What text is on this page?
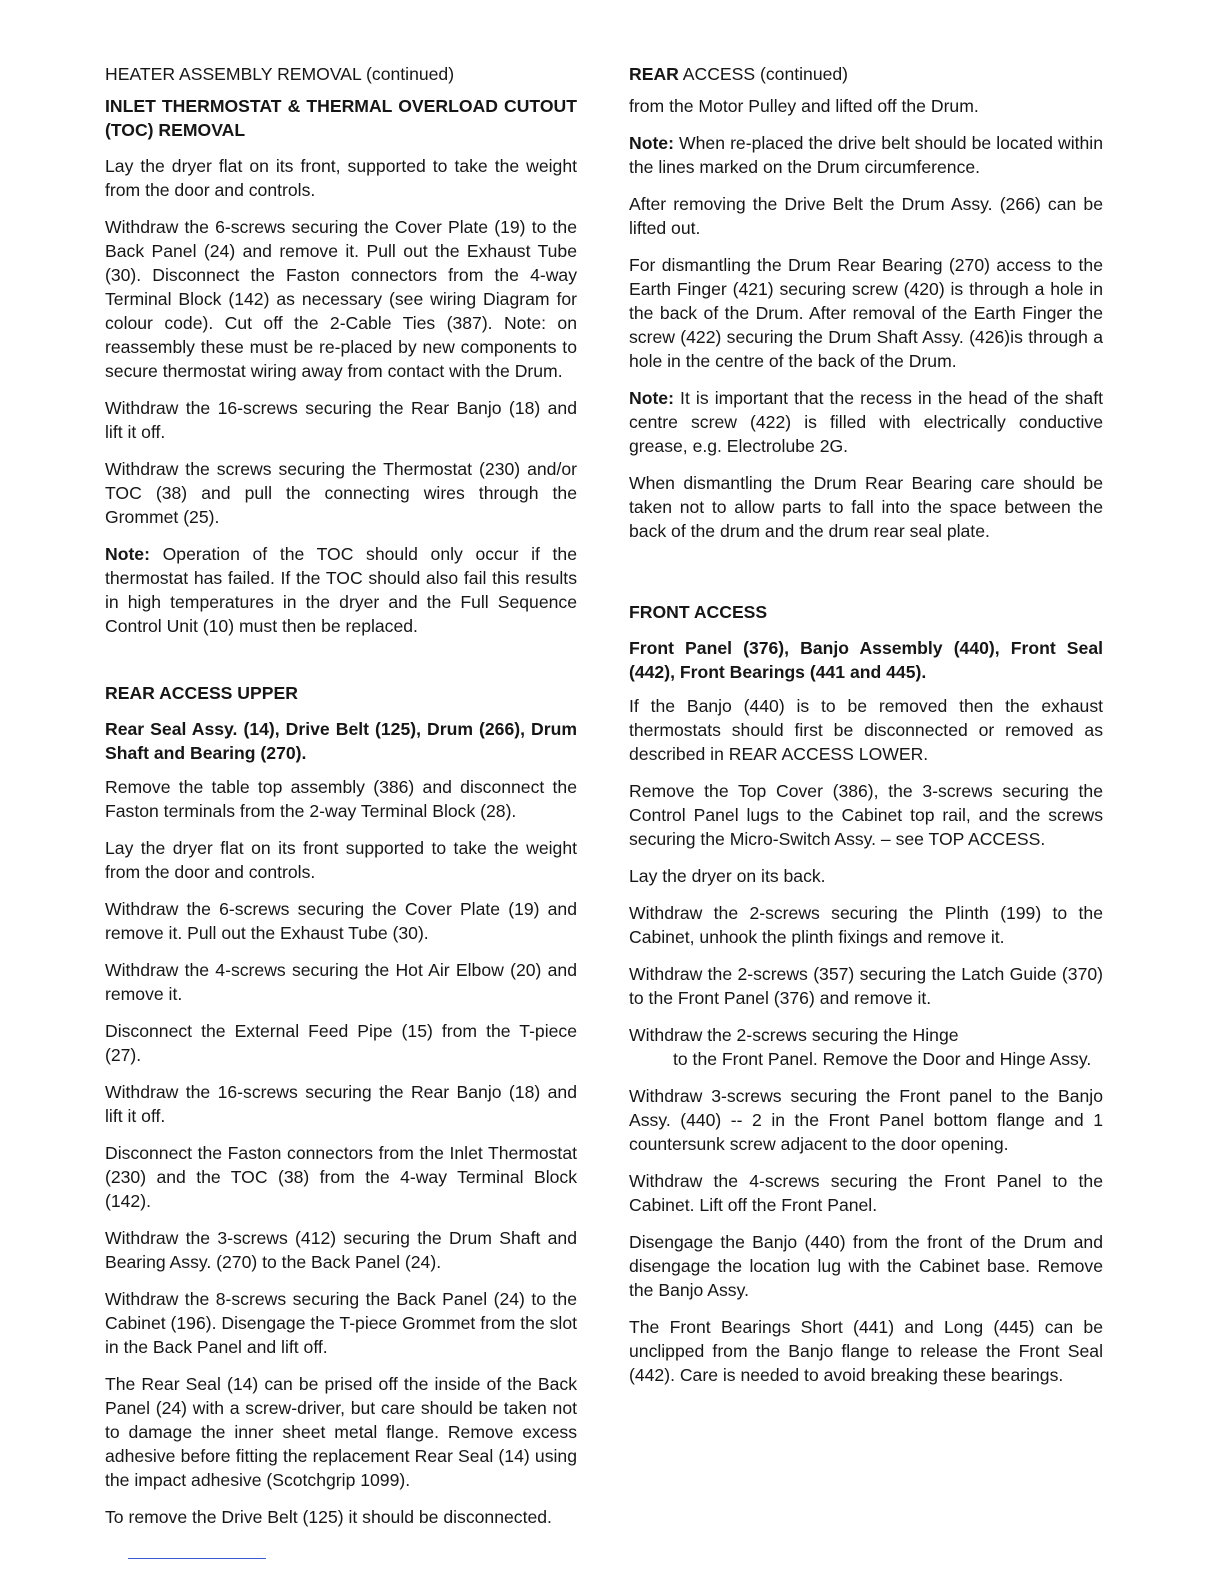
HEATER ASSEMBLY REMOVAL (continued)
INLET THERMOSTAT & THERMAL OVERLOAD CUTOUT (TOC) REMOVAL

Lay the dryer flat on its front, supported to take the weight from the door and controls.

Withdraw the 6-screws securing the Cover Plate (19) to the Back Panel (24) and remove it. Pull out the Exhaust Tube (30). Disconnect the Faston connectors from the 4-way Terminal Block (142) as necessary (see wiring Diagram for colour code). Cut off the 2-Cable Ties (387). Note: on reassembly these must be re-placed by new components to secure thermostat wiring away from contact with the Drum.

Withdraw the 16-screws securing the Rear Banjo (18) and lift it off.

Withdraw the screws securing the Thermostat (230) and/or TOC (38) and pull the connecting wires through the Grommet (25).

Note: Operation of the TOC should only occur if the thermostat has failed. If the TOC should also fail this results in high temperatures in the dryer and the Full Sequence Control Unit (10) must then be replaced.

REAR ACCESS UPPER
Rear Seal Assy. (14), Drive Belt (125), Drum (266), Drum Shaft and Bearing (270).

Remove the table top assembly (386) and disconnect the Faston terminals from the 2-way Terminal Block (28).

Lay the dryer flat on its front supported to take the weight from the door and controls.

Withdraw the 6-screws securing the Cover Plate (19) and remove it. Pull out the Exhaust Tube (30).

Withdraw the 4-screws securing the Hot Air Elbow (20) and remove it.

Disconnect the External Feed Pipe (15) from the T-piece (27).

Withdraw the 16-screws securing the Rear Banjo (18) and lift it off.

Disconnect the Faston connectors from the Inlet Thermostat (230) and the TOC (38) from the 4-way Terminal Block (142).

Withdraw the 3-screws (412) securing the Drum Shaft and Bearing Assy. (270) to the Back Panel (24).

Withdraw the 8-screws securing the Back Panel (24) to the Cabinet (196). Disengage the T-piece Grommet from the slot in the Back Panel and lift off.

The Rear Seal (14) can be prised off the inside of the Back Panel (24) with a screw-driver, but care should be taken not to damage the inner sheet metal flange. Remove excess adhesive before fitting the replacement Rear Seal (14) using the impact adhesive (Scotchgrip 1099).

To remove the Drive Belt (125) it should be disconnected.

REAR ACCESS (continued)

from the Motor Pulley and lifted off the Drum.

Note: When re-placed the drive belt should be located within the lines marked on the Drum circumference.

After removing the Drive Belt the Drum Assy. (266) can be lifted out.

For dismantling the Drum Rear Bearing (270) access to the Earth Finger (421) securing screw (420) is through a hole in the back of the Drum. After removal of the Earth Finger the screw (422) securing the Drum Shaft Assy. (426)is through a hole in the centre of the back of the Drum.

Note: It is important that the recess in the head of the shaft centre screw (422) is filled with electrically conductive grease, e.g. Electrolube 2G.

When dismantling the Drum Rear Bearing care should be taken not to allow parts to fall into the space between the back of the drum and the drum rear seal plate.

FRONT ACCESS
Front Panel (376), Banjo Assembly (440), Front Seal (442), Front Bearings (441 and 445).

If the Banjo (440) is to be removed then the exhaust thermostats should first be disconnected or removed as described in REAR ACCESS LOWER.

Remove the Top Cover (386), the 3-screws securing the Control Panel lugs to the Cabinet top rail, and the screws securing the Micro-Switch Assy. – see TOP ACCESS.

Lay the dryer on its back.

Withdraw the 2-screws securing the Plinth (199) to the Cabinet, unhook the plinth fixings and remove it.

Withdraw the 2-screws (357) securing the Latch Guide (370) to the Front Panel (376) and remove it.

Withdraw the 2-screws securing the Hinge
to the Front Panel. Remove the Door and Hinge Assy.

Withdraw 3-screws securing the Front panel to the Banjo Assy. (440) -- 2 in the Front Panel bottom flange and 1 countersunk screw adjacent to the door opening.

Withdraw the 4-screws securing the Front Panel to the Cabinet. Lift off the Front Panel.

Disengage the Banjo (440) from the front of the Drum and disengage the location lug with the Cabinet base. Remove the Banjo Assy.

The Front Bearings Short (441) and Long (445) can be unclipped from the Banjo flange to release the Front Seal (442). Care is needed to avoid breaking these bearings.
